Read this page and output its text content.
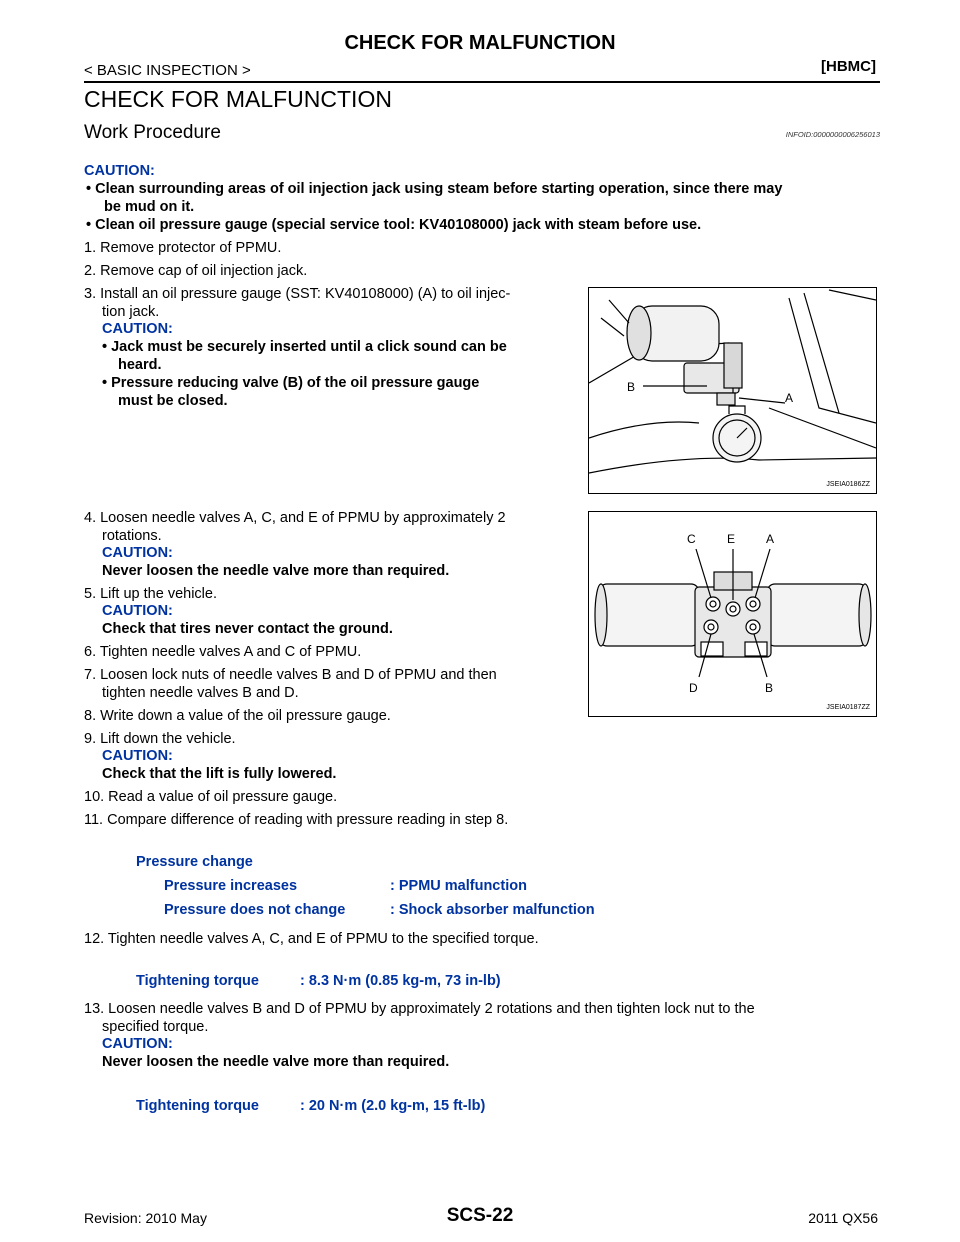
CHECK FOR MALFUNCTION
< BASIC INSPECTION >	[HBMC]
CHECK FOR MALFUNCTION
Work Procedure	INFOID:0000000006256013
CAUTION:
• Clean surrounding areas of oil injection jack using steam before starting operation, since there may
be mud on it.
• Clean oil pressure gauge (special service tool: KV40108000) jack with steam before use.
1. Remove protector of PPMU.
2. Remove cap of oil injection jack.
3. Install an oil pressure gauge (SST: KV40108000) (A) to oil injec-
tion jack.
CAUTION:
• Jack must be securely inserted until a click sound can be
heard.
• Pressure reducing valve (B) of the oil pressure gauge
must be closed.
B
A
JSEIA0186ZZ
4. Loosen needle valves A, C, and E of PPMU by approximately 2
rotations.
CAUTION:
Never loosen the needle valve more than required.
5. Lift up the vehicle.
CAUTION:
Check that tires never contact the ground.
6. Tighten needle valves A and C of PPMU.
7. Loosen lock nuts of needle valves B and D of PPMU and then
tighten needle valves B and D.
8. Write down a value of the oil pressure gauge.
9. Lift down the vehicle.
CAUTION:
Check that the lift is fully lowered.
10. Read a value of oil pressure gauge.
11. Compare difference of reading with pressure reading in step 8.
C	E	A
D	B
JSEIA0187ZZ
Pressure change
Pressure increases	: PPMU malfunction
Pressure does not change	: Shock absorber malfunction
12. Tighten needle valves A, C, and E of PPMU to the specified torque.
Tightening torque	: 8.3 N·m (0.85 kg-m, 73 in-lb)
13. Loosen needle valves B and D of PPMU by approximately 2 rotations and then tighten lock nut to the
specified torque.
CAUTION:
Never loosen the needle valve more than required.
Tightening torque	: 20 N·m (2.0 kg-m, 15 ft-lb)
Revision: 2010 May	SCS-22	2011 QX56
